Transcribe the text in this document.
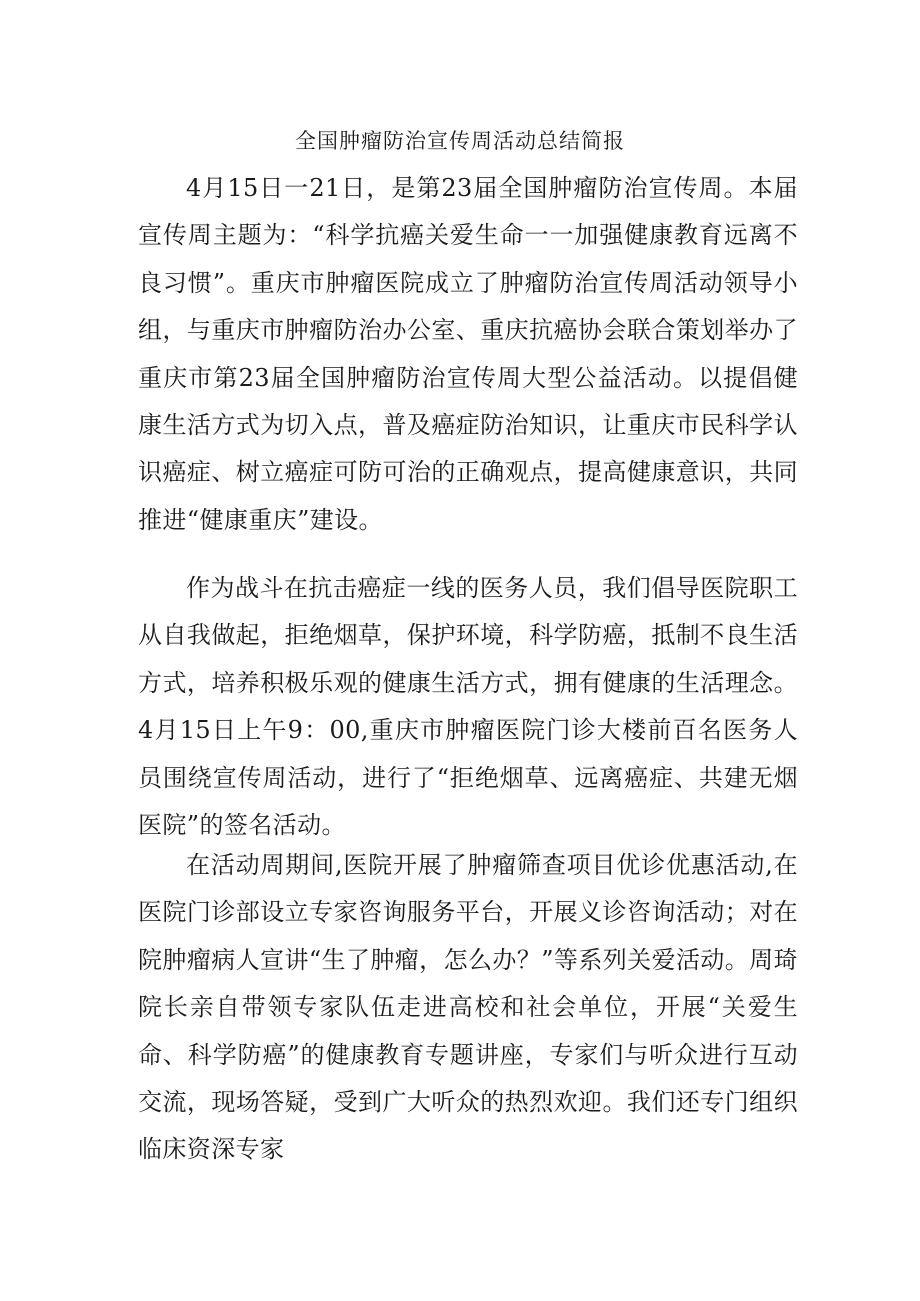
全国肿瘤防治宣传周活动总结简报

4月15日一21日，是第23届全国肿瘤防治宣传周。本届宣传周主题为：“科学抗癌关爱生命一一加强健康教育远离不良习惯”。重庆市肿瘤医院成立了肿瘤防治宣传周活动领导小组，与重庆市肿瘤防治办公室、重庆抗癌协会联合策划举办了重庆市第23届全国肿瘤防治宣传周大型公益活动。以提倡健康生活方式为切入点，普及癌症防治知识，让重庆市民科学认识癌症、树立癌症可防可治的正确观点，提高健康意识，共同推进“健康重庆”建设。

作为战斗在抗击癌症一线的医务人员，我们倡导医院职工从自我做起，拒绝烟草，保护环境，科学防癌，抵制不良生活方式，培养积极乐观的健康生活方式，拥有健康的生活理念。4月15日上午9：00,重庆市肿瘤医院门诊大楼前百名医务人员围绕宣传周活动，进行了“拒绝烟草、远离癌症、共建无烟医院”的签名活动。

在活动周期间,医院开展了肿瘤筛查项目优诊优惠活动,在医院门诊部设立专家咨询服务平台，开展义诊咨询活动；对在院肿瘤病人宣讲“生了肿瘤，怎么办？”等系列关爱活动。周琦院长亲自带领专家队伍走进高校和社会单位，开展“关爱生命、科学防癌”的健康教育专题讲座，专家们与听众进行互动交流，现场答疑，受到广大听众的热烈欢迎。我们还专门组织临床资深专家
